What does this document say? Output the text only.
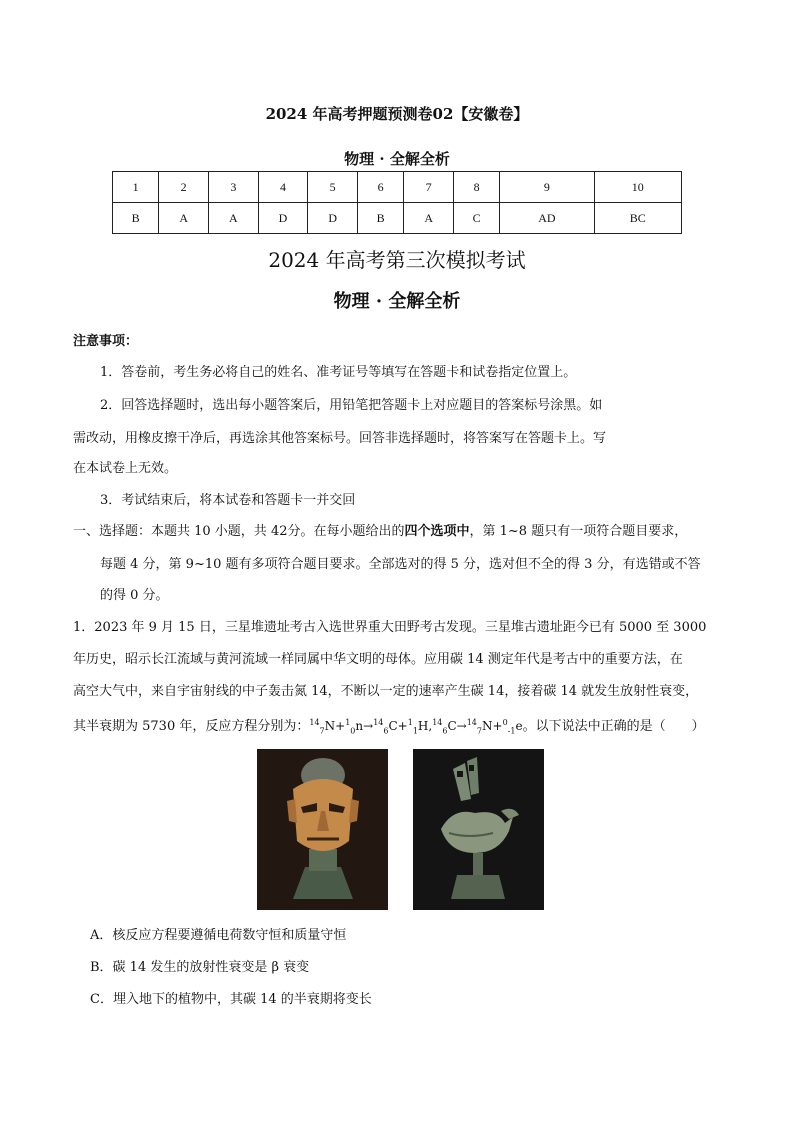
2024 年高考押题预测卷02【安徽卷】
物理 · 全解全析
1	2	3	4	5	6	7	8	9	10
B	A	A	D	D	B	A	C	AD	BC
2024 年高考第三次模拟考试
物理 · 全解全析
注意事项：
1．答卷前，考生务必将自己的姓名、准考证号等填写在答题卡和试卷指定位置上。
2．回答选择题时，选出每小题答案后，用铅笔把答题卡上对应题目的答案标号涂黑。如
需改动，用橡皮擦干净后，再选涂其他答案标号。回答非选择题时，将答案写在答题卡上。写
在本试卷上无效。
3．考试结束后，将本试卷和答题卡一并交回
一、选择题：本题共 10 小题，共 42分。在每小题给出的四个选项中，第 1~8 题只有一项符合题目要求，
每题 4 分，第 9~10 题有多项符合题目要求。全部选对的得 5 分，选对但不全的得 3 分，有选错或不答
的得 0 分。
1．2023 年 9 月 15 日，三星堆遗址考古入选世界重大田野考古发现。三星堆古遗址距今已有 5000 至 3000
年历史，昭示长江流域与黄河流域一样同属中华文明的母体。应用碳 14 测定年代是考古中的重要方法，在
高空大气中，来自宇宙射线的中子轰击氮 14，不断以一定的速率产生碳 14，接着碳 14 就发生放射性衰变，
其半衰期为 5730 年，反应方程分别为：$^{14}_7$N+$^1_0$n→$^{14}_6$C+$^1_1$H,$^{14}_6$C→$^{14}_7$N+$^0_{-1}$e。以下说法中正确的是（　　）
A．核反应方程要遵循电荷数守恒和质量守恒
B．碳 14 发生的放射性衰变是 β 衰变
C．埋入地下的植物中，其碳 14 的半衰期将变长
